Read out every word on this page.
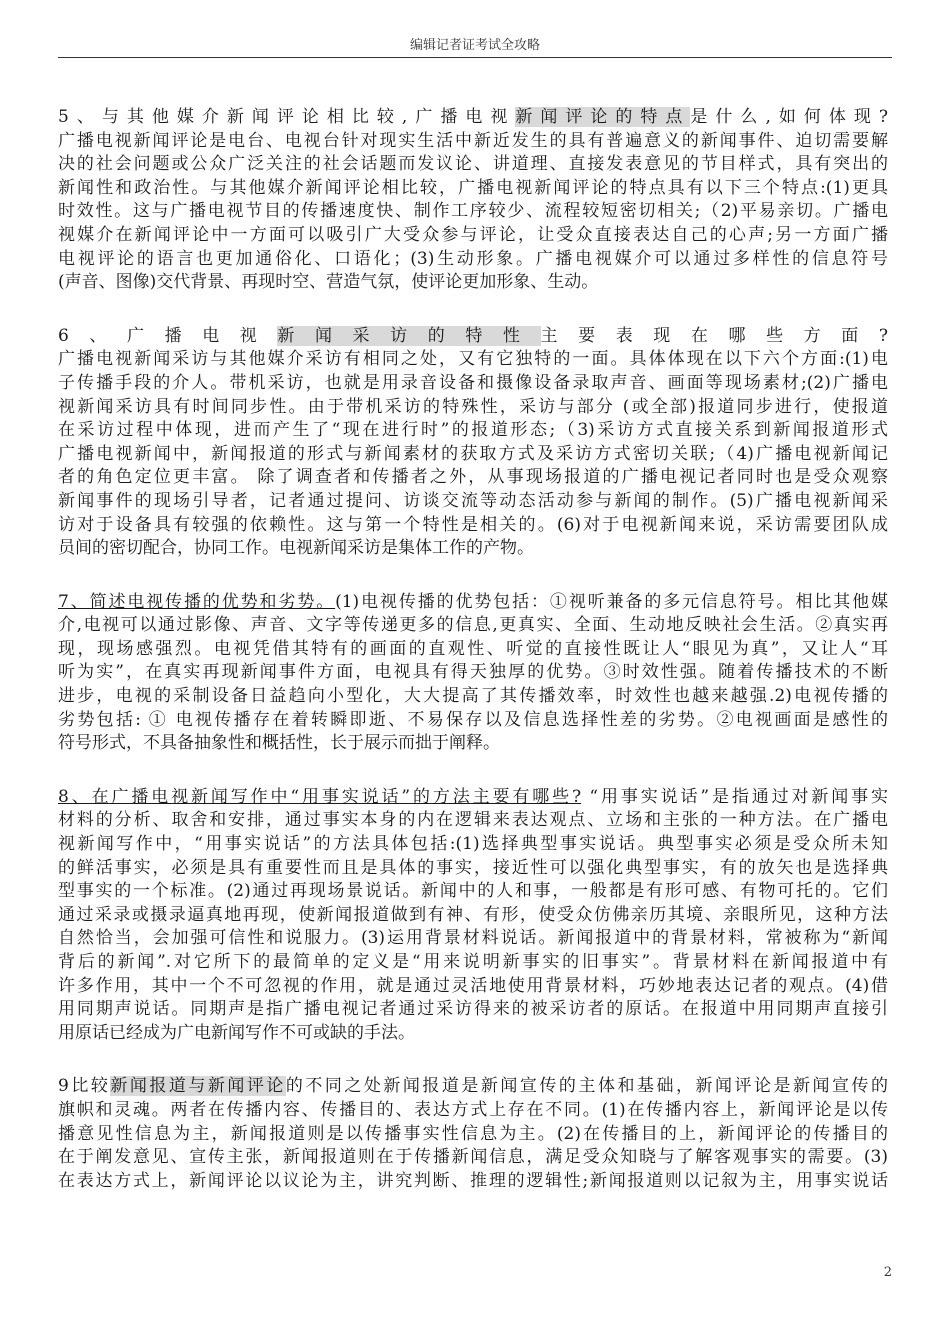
编辑记者证考试全攻略
5、与其他媒介新闻评论相比较,广播电视新闻评论的特点是什么,如何体现?
广播电视新闻评论是电台、电视台针对现实生活中新近发生的具有普遍意义的新闻事件、迫切需要解
决的社会问题或公众广泛关注的社会话题而发议论、讲道理、直接发表意见的节目样式，具有突出的
新闻性和政治性。与其他媒介新闻评论相比较，广播电视新闻评论的特点具有以下三个特点:(1)更具
时效性。这与广播电视节目的传播速度快、制作工序较少、流程较短密切相关;（2)平易亲切。广播电
视媒介在新闻评论中一方面可以吸引广大受众参与评论，让受众直接表达自己的心声;另一方面广播
电视评论的语言也更加通俗化、口语化；(3)生动形象。广播电视媒介可以通过多样性的信息符号
(声音、图像)交代背景、再现时空、营造气氛，使评论更加形象、生动。
6、广播电视新闻采访的特性主要表现在哪些方面?
广播电视新闻采访与其他媒介采访有相同之处，又有它独特的一面。具体体现在以下六个方面:(1)电
子传播手段的介人。带机采访，也就是用录音设备和摄像设备录取声音、画面等现场素材;(2)广播电
视新闻采访具有时间同步性。由于带机采访的特殊性，采访与部分 (或全部)报道同步进行，使报道
在采访过程中体现，进而产生了“现在进行时”的报道形态;（3)采访方式直接关系到新闻报道形式
广播电视新闻中，新闻报道的形式与新闻素材的获取方式及采访方式密切关联;（4)广播电视新闻记
者的角色定位更丰富。 除了调查者和传播者之外，从事现场报道的广播电视记者同时也是受众观察
新闻事件的现场引导者，记者通过提问、访谈交流等动态活动参与新闻的制作。(5)广播电视新闻采
访对于设备具有较强的依赖性。这与第一个特性是相关的。(6)对于电视新闻来说，采访需要团队成
员间的密切配合，协同工作。电视新闻采访是集体工作的产物。
7、简述电视传播的优势和劣势。(1)电视传播的优势包括：①视听兼备的多元信息符号。相比其他媒
介,电视可以通过影像、声音、文字等传递更多的信息,更真实、全面、生动地反映社会生活。②真实再
现，现场感强烈。电视凭借其特有的画面的直观性、听觉的直接性既让人“眼见为真”，又让人“耳
听为实”，在真实再现新闻事件方面，电视具有得天独厚的优势。③时效性强。随着传播技术的不断
进步，电视的采制设备日益趋向小型化，大大提高了其传播效率，时效性也越来越强.2)电视传播的
劣势包括: ① 电视传播存在着转瞬即逝、不易保存以及信息选择性差的劣势。②电视画面是感性的
符号形式，不具备抽象性和概括性，长于展示而拙于阐释。
8、在广播电视新闻写作中“用事实说话”的方法主要有哪些? “用事实说话”是指通过对新闻事实
材料的分析、取舍和安排，通过事实本身的内在逻辑来表达观点、立场和主张的一种方法。在广播电
视新闻写作中，“用事实说话”的方法具体包括:(1)选择典型事实说话。典型事实必须是受众所未知
的鲜活事实，必须是具有重要性而且是具体的事实，接近性可以强化典型事实，有的放矢也是选择典
型事实的一个标准。(2)通过再现场景说话。新闻中的人和事，一般都是有形可感、有物可托的。它们
通过采录或摄录逼真地再现，使新闻报道做到有神、有形，使受众仿佛亲历其境、亲眼所见，这种方法
自然恰当，会加强可信性和说服力。(3)运用背景材料说话。新闻报道中的背景材料，常被称为“新闻
背后的新闻”.对它所下的最简单的定义是“用来说明新事实的旧事实”。背景材料在新闻报道中有
许多作用，其中一个不可忽视的作用，就是通过灵活地使用背景材料，巧妙地表达记者的观点。(4)借
用同期声说话。同期声是指广播电视记者通过采访得来的被采访者的原话。在报道中用同期声直接引
用原话已经成为广电新闻写作不可或缺的手法。
9比较新闻报道与新闻评论的不同之处新闻报道是新闻宣传的主体和基础，新闻评论是新闻宣传的
旗帜和灵魂。两者在传播内容、传播目的、表达方式上存在不同。(1)在传播内容上，新闻评论是以传
播意见性信息为主，新闻报道则是以传播事实性信息为主。(2)在传播目的上，新闻评论的传播目的
在于阐发意见、宣传主张，新闻报道则在于传播新闻信息，满足受众知晓与了解客观事实的需要。(3)
在表达方式上，新闻评论以议论为主，讲究判断、推理的逻辑性;新闻报道则以记叙为主，用事实说话
2
